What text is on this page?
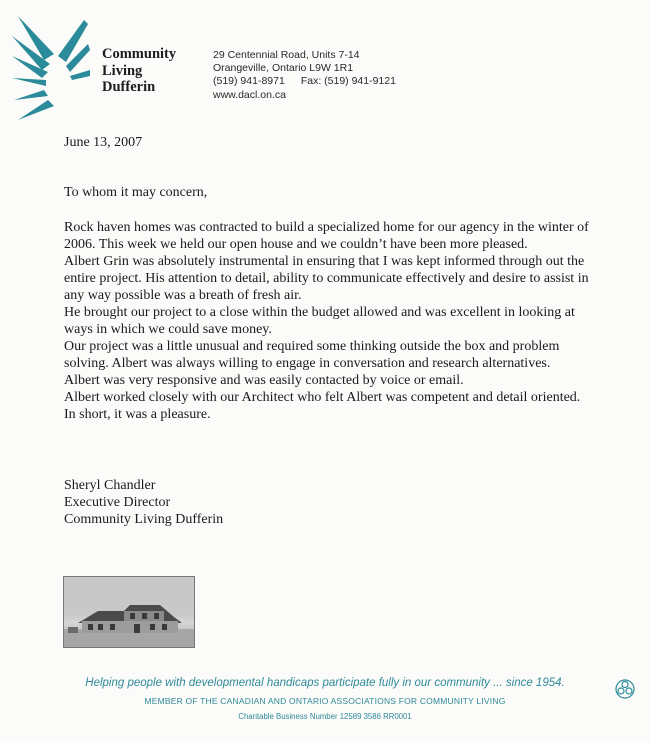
Community
Living
Dufferin
29 Centennial Road, Units 7-14
Orangeville, Ontario L9W 1R1
(519) 941-8971 Fax: (519) 941-9121
www.dacl.on.ca
June 13, 2007
To whom it may concern,

Rock haven homes was contracted to build a specialized home for our agency in the winter of 2006. This week we held our open house and we couldn’t have been more pleased.

Albert Grin was absolutely instrumental in ensuring that I was kept informed through out the entire project. His attention to detail, ability to communicate effectively and desire to assist in any way possible was a breath of fresh air.

He brought our project to a close within the budget allowed and was excellent in looking at ways in which we could save money.

Our project was a little unusual and required some thinking outside the box and problem solving. Albert was always willing to engage in conversation and research alternatives.

Albert was very responsive and was easily contacted by voice or email.

Albert worked closely with our Architect who felt Albert was competent and detail oriented.

In short, it was a pleasure.

Sheryl Chandler
Executive Director
Community Living Dufferin
Helping people with developmental handicaps participate fully in our community ... since 1954.
MEMBER OF THE CANADIAN AND ONTARIO ASSOCIATIONS FOR COMMUNITY LIVING
Charitable Business Number 12589 3586 RR0001
